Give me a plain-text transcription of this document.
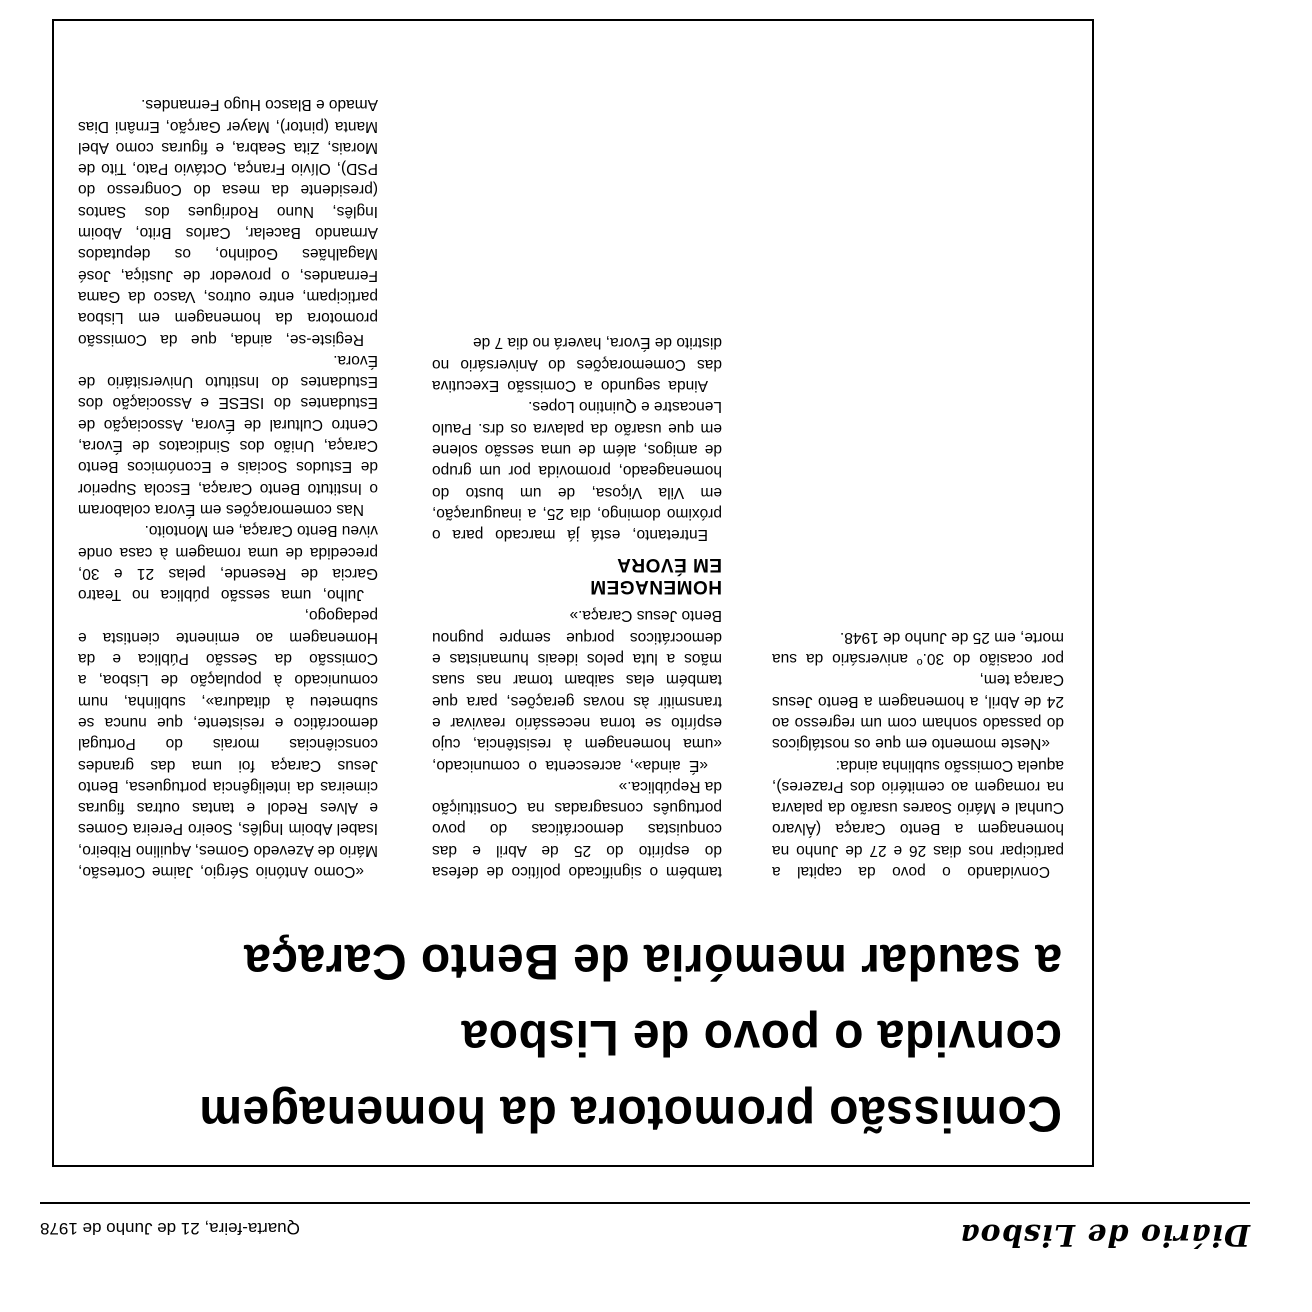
Diário de Lisboa
Quarta-feira, 21 de Junho de 1978
Comissão promotora da homenagem
convida o povo de Lisboa
a saudar memória de Bento Caraça

Convidando o povo da capital a participar nos dias 26 e 27 de Junho na homenagem a Bento Caraça (Álvaro Cunhal e Mário Soares usarão da palavra na romagem ao cemitério dos Prazeres), aquela Comissão sublinha ainda:

«Neste momento em que os nostálgicos do passado sonham com um regresso ao 24 de Abril, a homenagem a Bento Jesus Caraça tem,

por ocasião do 30.º aniversário da sua morte, em 25 de Junho de 1948.

também o significado político de defesa do espírito do 25 de Abril e das conquistas democráticas do povo português consagradas na Constituição da República.»

«É ainda», acrescenta o comunicado, «uma homenagem à resistência, cujo espírito se torna necessário reavivar e transmitir às novas gerações, para que também elas saibam tomar nas suas mãos a luta pelos ideais humanistas e democráticos porque sempre pugnou Bento Jesus Caraça.»

HOMENAGEM
EM ÉVORA

Entretanto, está já marcado para o próximo domingo, dia 25, a inauguração, em Vila Viçosa, de um busto do homenageado, promovida por um grupo de amigos, além de uma sessão solene em que usarão da palavra os drs. Paulo Lencastre e Quintino Lopes.

Ainda segundo a Comissão Executiva das Comemorações do Aniversário no distrito de Évora, haverá no dia 7 de

«Como António Sérgio, Jaime Cortesão, Mário de Azevedo Gomes, Aquilino Ribeiro, Isabel Aboim Inglês, Soeiro Pereira Gomes e Alves Redol e tantas outras figuras cimeiras da inteligência portuguesa, Bento Jesus Caraça foi uma das grandes consciências morais do Portugal democrático e resistente, que nunca se submeteu à ditadura», sublinha, num comunicado à população de Lisboa, a Comissão da Sessão Pública e da Homenagem ao eminente cientista e pedagogo,

Julho, uma sessão pública no Teatro Garcia de Resende, pelas 21 e 30, precedida de uma romagem à casa onde viveu Bento Caraça, em Montoito.

Nas comemorações em Évora colaboram o Instituto Bento Caraça, Escola Superior de Estudos Sociais e Económicos Bento Caraça, União dos Sindicatos de Évora, Centro Cultural de Évora, Associação de Estudantes do ISESE e Associação dos Estudantes do Instituto Universitário de Évora.

Registe-se, ainda, que da Comissão promotora da homenagem em Lisboa participam, entre outros, Vasco da Gama Fernandes, o provedor de Justiça, José Magalhães Godinho, os deputados Armando Bacelar, Carlos Brito, Aboim Inglês, Nuno Rodrigues dos Santos (presidente da mesa do Congresso do PSD), Olívio França, Octávio Pato, Tito de Morais, Zita Seabra, e figuras como Abel Manta (pintor), Mayer Garção, Ernâni Dias Amado e Blasco Hugo Fernandes.
